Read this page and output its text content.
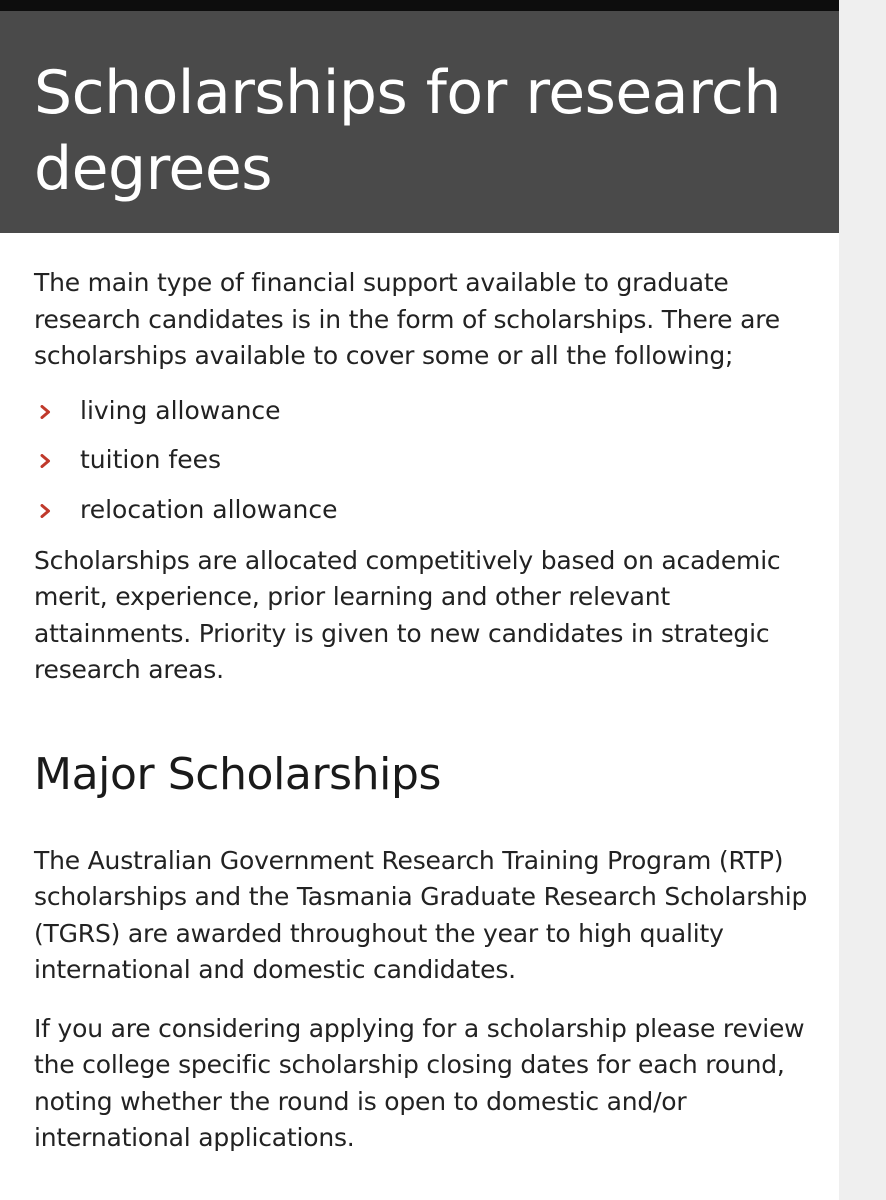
Scholarships for research degrees

The main type of financial support available to graduate research candidates is in the form of scholarships. There are scholarships available to cover some or all the following;

living allowance
tuition fees
relocation allowance

Scholarships are allocated competitively based on academic merit, experience, prior learning and other relevant attainments. Priority is given to new candidates in strategic research areas.

Major Scholarships

The Australian Government Research Training Program (RTP) scholarships and the Tasmania Graduate Research Scholarship (TGRS) are awarded throughout the year to high quality international and domestic candidates.

If you are considering applying for a scholarship please review the college specific scholarship closing dates for each round, noting whether the round is open to domestic and/or international applications.
